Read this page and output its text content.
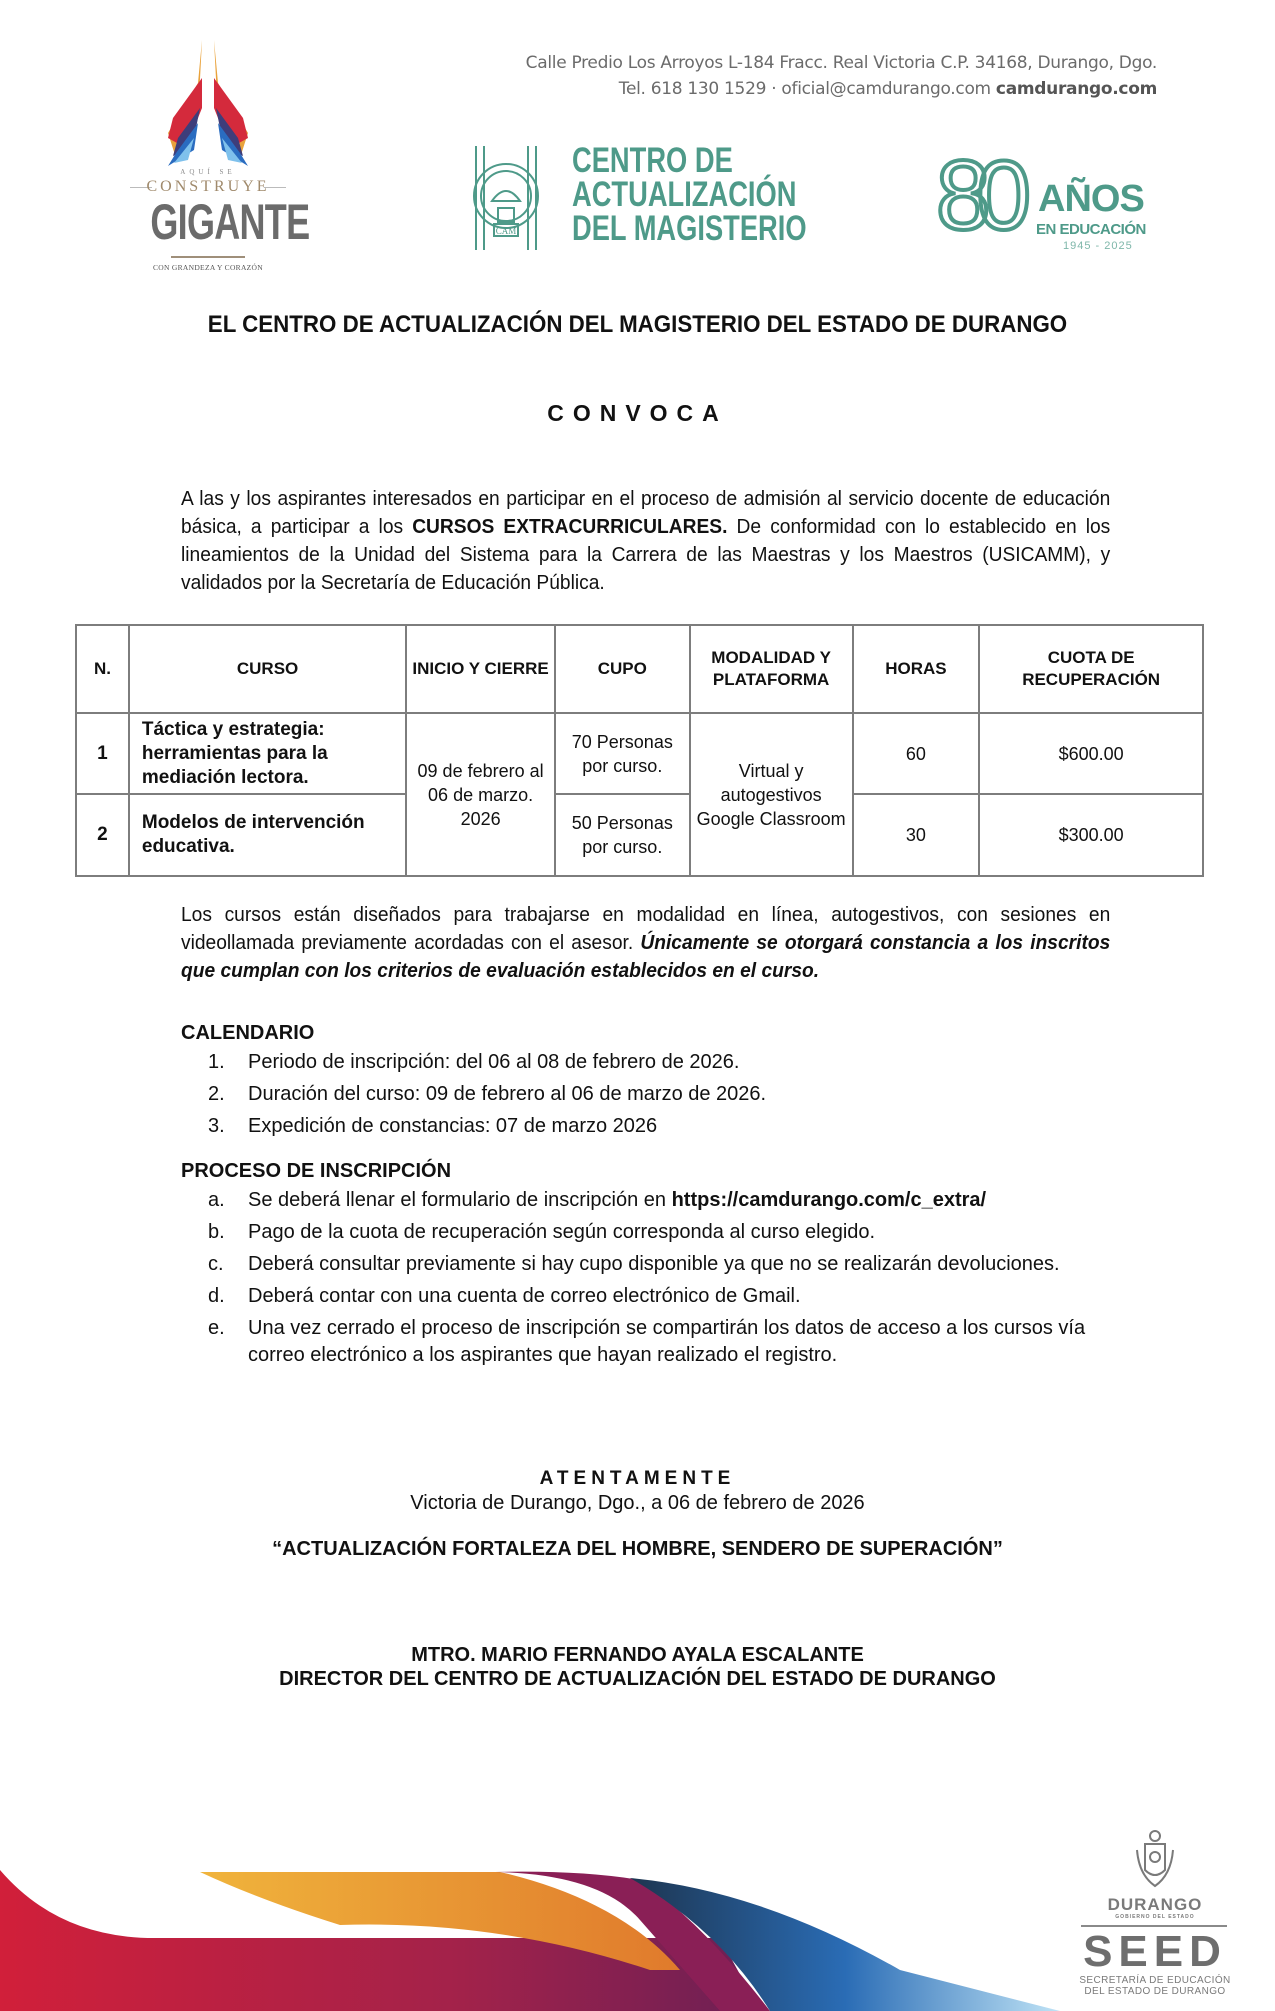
Calle Predio Los Arroyos L-184 Fracc. Real Victoria C.P. 34168, Durango, Dgo.
Tel. 618 130 1529 · oficial@camdurango.com camdurango.com
AQUÍ SE
CONSTRUYE
GIGANTE
CON GRANDEZA Y CORAZÓN
CAM
CENTRO DE
ACTUALIZACIÓN
DEL MAGISTERIO 80 AÑOS
EN EDUCACIÓN
1945 - 2025
EL CENTRO DE ACTUALIZACIÓN DEL MAGISTERIO DEL ESTADO DE DURANGO
CONVOCA
A las y los aspirantes interesados en participar en el proceso de admisión al servicio docente de educación básica, a participar a los CURSOS EXTRACURRICULARES. De conformidad con lo establecido en los lineamientos de la Unidad del Sistema para la Carrera de las Maestras y los Maestros (USICAMM), y validados por la Secretaría de Educación Pública.
N.	CURSO	INICIO Y CIERRE	CUPO	MODALIDAD Y PLATAFORMA	HORAS	CUOTA DE RECUPERACIÓN
1	Táctica y estrategia: herramientas para la mediación lectora.	09 de febrero al 06 de marzo. 2026	70 Personas por curso.	Virtual y autogestivos Google Classroom	60	$600.00
2	Modelos de intervención educativa.		50 Personas por curso.		30	$300.00
Los cursos están diseñados para trabajarse en modalidad en línea, autogestivos, con sesiones en videollamada previamente acordadas con el asesor. Únicamente se otorgará constancia a los inscritos que cumplan con los criterios de evaluación establecidos en el curso.
CALENDARIO
1. Periodo de inscripción: del 06 al 08 de febrero de 2026.
2. Duración del curso: 09 de febrero al 06 de marzo de 2026.
3. Expedición de constancias: 07 de marzo 2026
PROCESO DE INSCRIPCIÓN
a. Se deberá llenar el formulario de inscripción en https://camdurango.com/c_extra/
b. Pago de la cuota de recuperación según corresponda al curso elegido.
c. Deberá consultar previamente si hay cupo disponible ya que no se realizarán devoluciones.
d. Deberá contar con una cuenta de correo electrónico de Gmail.
e. Una vez cerrado el proceso de inscripción se compartirán los datos de acceso a los cursos vía correo electrónico a los aspirantes que hayan realizado el registro.
ATENTAMENTE
Victoria de Durango, Dgo., a 06 de febrero de 2026
“ACTUALIZACIÓN FORTALEZA DEL HOMBRE, SENDERO DE SUPERACIÓN”
MTRO. MARIO FERNANDO AYALA ESCALANTE
DIRECTOR DEL CENTRO DE ACTUALIZACIÓN DEL ESTADO DE DURANGO
DURANGO
GOBIERNO DEL ESTADO
SEED
SECRETARÍA DE EDUCACIÓN
DEL ESTADO DE DURANGO
